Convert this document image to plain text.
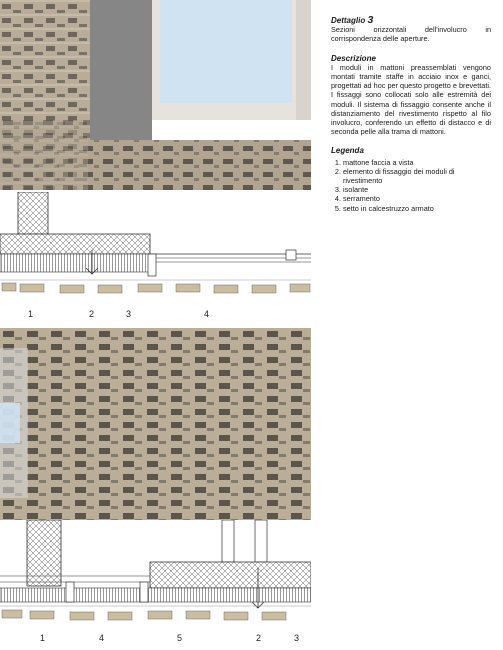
1	2	3	4
1	4	5	2	3
Dettaglio 3
Sezioni orizzontali dell'involucro in corrispondenza delle aperture.
Descrizione
I moduli in mattoni preassemblati vengono montati tramite staffe in acciaio inox e ganci, progettati ad hoc per questo progetto e brevettati. I fissaggi sono collocati solo alle estremità dei moduli. Il sistema di fissaggio consente anche il distanziamento del rivestimento rispetto al filo involucro, conferendo un effetto di distacco e di seconda pelle alla trama di mattoni.
Legenda
1. mattone faccia a vista
2. elemento di fissaggio dei moduli di rivestimento
3. isolante
4. serramento
5. setto in calcestruzzo armato
